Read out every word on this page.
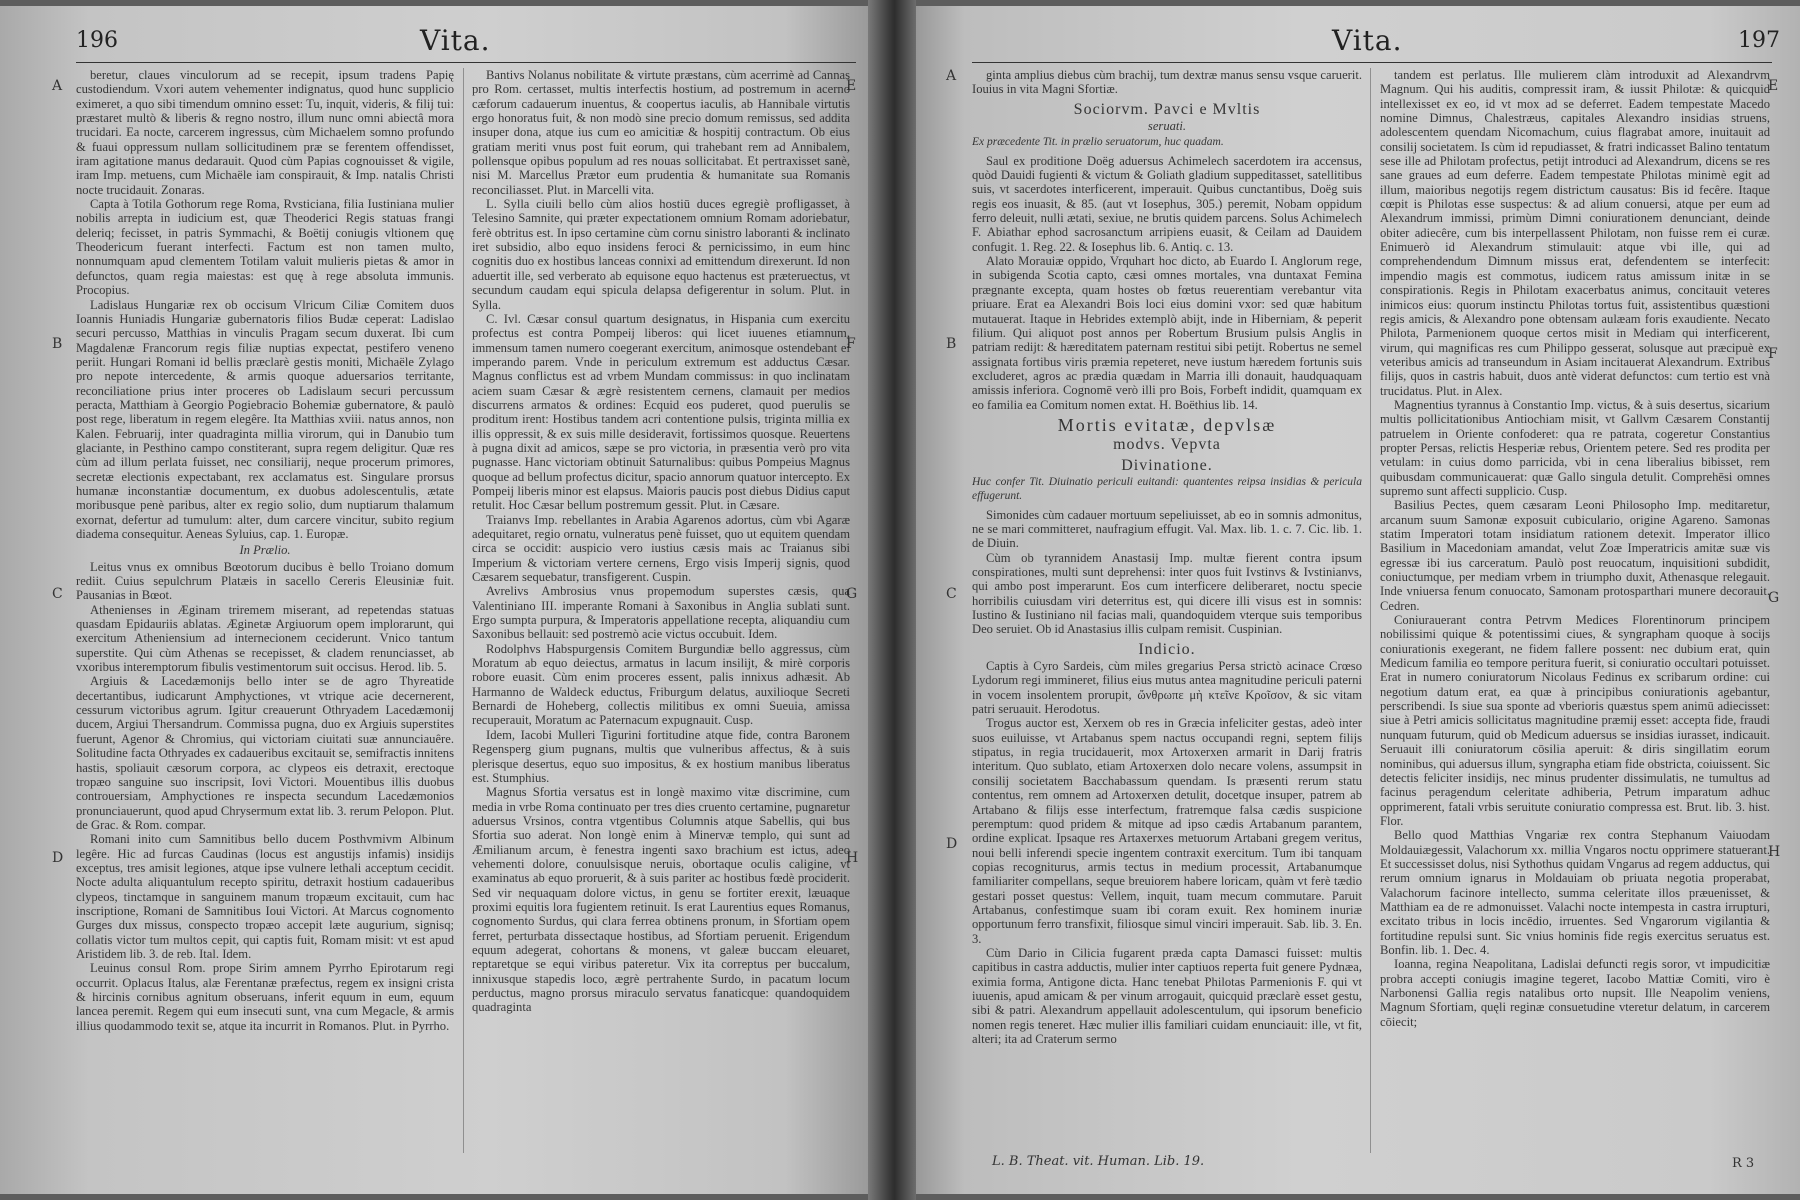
Vita.
196
A
B
C
D
E
F
G
H

beretur, claues vinculorum ad se recepit, ipsum tradens Papię custodiendum. Vxori autem vehementer indignatus, quod hunc supplicio eximeret, a quo sibi timendum omnino esset: Tu, inquit, videris, & filij tui: præstaret multò & liberis & regno nostro, illum nunc omni abiectâ mora trucidari. Ea nocte, carcerem ingressus, cùm Michaelem somno profundo & fuaui oppressum nullam sollicitudinem præ se ferentem offendisset, iram agitatione manus dedarauit. Quod cùm Papias cognouisset & vigile, iram Imp. metuens, cum Michaële iam conspirauit, & Imp. natalis Christi nocte trucidauit. Zonaras.

Capta à Totila Gothorum rege Roma, Rvsticiana, filia Iustiniana mulier nobilis arrepta in iudicium est, quæ Theoderici Regis statuas frangi deleriq; fecisset, in patris Symmachi, & Boëtij coniugis vltionem quę Theodericum fuerant interfecti. Factum est non tamen multo, nonnumquam apud clementem Totilam valuit mulieris pietas & amor in defunctos, quam regia maiestas: est quę à rege absoluta immunis. Procopius.

Ladislaus Hungariæ rex ob occisum Vlricum Ciliæ Comitem duos Ioannis Huniadis Hungariæ gubernatoris filios Budæ ceperat: Ladislao securi percusso, Matthias in vinculis Pragam secum duxerat. Ibi cum Magdalenæ Francorum regis filiæ nuptias expectat, pestifero veneno periit. Hungari Romani id bellis præclarè gestis moniti, Michaële Zylago pro nepote intercedente, & armis quoque aduersarios territante, reconciliatione prius inter proceres ob Ladislaum securi percussum peracta, Matthiam à Georgio Pogiebracio Bohemiæ gubernatore, & paulò post rege, liberatum in regem elegêre. Ita Matthias xviii. natus annos, non Kalen. Februarij, inter quadraginta millia virorum, qui in Danubio tum glaciante, in Pesthino campo constiterant, supra regem deligitur. Quæ res cùm ad illum perlata fuisset, nec consiliarij, neque procerum primores, secretæ electionis expectabant, rex acclamatus est. Singulare prorsus humanæ inconstantiæ documentum, ex duobus adolescentulis, ætate moribusque penè paribus, alter ex regio solio, dum nuptiarum thalamum exornat, defertur ad tumulum: alter, dum carcere vincitur, subito regium diadema consequitur. Aeneas Syluius, cap. 1. Europæ.

In Prælio.

Leitus vnus ex omnibus Bœotorum ducibus è bello Troiano domum rediit. Cuius sepulchrum Platæis in sacello Cereris Eleusiniæ fuit. Pausanias in Bœot.

Athenienses in Æginam triremem miserant, ad repetendas statuas quasdam Epidauriis ablatas. Æginetæ Argiuorum opem implorarunt, qui exercitum Atheniensium ad internecionem ceciderunt. Vnico tantum superstite. Qui cùm Athenas se recepisset, & cladem renunciasset, ab vxoribus interemptorum fibulis vestimentorum suit occisus. Herod. lib. 5.

Argiuis & Lacedæmonijs bello inter se de agro Thyreatide decertantibus, iudicarunt Amphyctiones, vt vtrique acie decernerent, cessurum victoribus agrum. Igitur creauerunt Othryadem Lacedæmonij ducem, Argiui Thersandrum. Commissa pugna, duo ex Argiuis superstites fuerunt, Agenor & Chromius, qui victoriam ciuitati suæ annunciauêre. Solitudine facta Othryades ex cadaueribus excitauit se, semifractis innitens hastis, spoliauit cæsorum corpora, ac clypeos eis detraxit, erectoque tropæo sanguine suo inscripsit, Iovi Victori. Mouentibus illis duobus controuersiam, Amphyctiones re inspecta secundum Lacedæmonios pronunciauerunt, quod apud Chrysermum extat lib. 3. rerum Pelopon. Plut. de Grac. & Rom. compar.

Romani inito cum Samnitibus bello ducem Posthvmivm Albinum legêre. Hic ad furcas Caudinas (locus est angustijs infamis) insidijs exceptus, tres amisit legiones, atque ipse vulnere lethali acceptum cecidit. Nocte adulta aliquantulum recepto spiritu, detraxit hostium cadaueribus clypeos, tinctamque in sanguinem manum tropæum excitauit, cum hac inscriptione, Romani de Samnitibus Ioui Victori. At Marcus cognomento Gurges dux missus, conspecto tropæo accepit læte augurium, signisq; collatis victor tum multos cepit, qui captis fuit, Romam misit: vt est apud Aristidem lib. 3. de reb. Ital. Idem.

Leuinus consul Rom. prope Sirim amnem Pyrrho Epirotarum regi occurrit. Oplacus Italus, alæ Ferentanæ præfectus, regem ex insigni crista & hircinis cornibus agnitum obseruans, inferit equum in eum, equum lancea peremit. Regem qui eum insecuti sunt, vna cum Megacle, & armis illius quodammodo texit se, atque ita incurrit in Romanos. Plut. in Pyrrho.

Bantivs Nolanus nobilitate & virtute præstans, cùm acerrimè ad Cannas pro Rom. certasset, multis interfectis hostium, ad postremum in acerno cæforum cadauerum inuentus, & coopertus iaculis, ab Hannibale virtutis ergo honoratus fuit, & non modò sine precio domum remissus, sed addita insuper dona, atque ius cum eo amicitiæ & hospitij contractum. Ob eius gratiam meriti vnus post fuit eorum, qui trahebant rem ad Annibalem, pollensque opibus populum ad res nouas sollicitabat. Et pertraxisset sanè, nisi M. Marcellus Prætor eum prudentia & humanitate sua Romanis reconciliasset. Plut. in Marcelli vita.

L. Sylla ciuili bello cùm alios hostiū duces egregiè profligasset, à Telesino Samnite, qui præter expectationem omnium Romam adoriebatur, ferè obtritus est. In ipso certamine cùm cornu sinistro laboranti & inclinato iret subsidio, albo equo insidens feroci & pernicissimo, in eum hinc cognitis duo ex hostibus lanceas connixi ad emittendum direxerunt. Id non aduertit ille, sed verberato ab equisone equo hactenus est præteruectus, vt secundum caudam equi spicula delapsa defigerentur in solum. Plut. in Sylla.

C. Ivl. Cæsar consul quartum designatus, in Hispania cum exercitu profectus est contra Pompeij liberos: qui licet iuuenes etiamnum, immensum tamen numero coegerant exercitum, animosque ostendebant ei imperando parem. Vnde in periculum extremum est adductus Cæsar. Magnus conflictus est ad vrbem Mundam commissus: in quo inclinatam aciem suam Cæsar & ægrè resistentem cernens, clamauit per medios discurrens armatos & ordines: Ecquid eos puderet, quod puerulis se proditum irent: Hostibus tandem acri contentione pulsis, triginta millia ex illis oppressit, & ex suis mille desideravit, fortissimos quosque. Reuertens à pugna dixit ad amicos, sæpe se pro victoria, in præsentia verò pro vita pugnasse. Hanc victoriam obtinuit Saturnalibus: quibus Pompeius Magnus quoque ad bellum profectus dicitur, spacio annorum quatuor intercepto. Ex Pompeij liberis minor est elapsus. Maioris paucis post diebus Didius caput retulit. Hoc Cæsar bellum postremum gessit. Plut. in Cæsare.

Traianvs Imp. rebellantes in Arabia Agarenos adortus, cùm vbi Agaræ adequitaret, regio ornatu, vulneratus penè fuisset, quo ut equitem quendam circa se occidit: auspicio vero iustius cæsis mais ac Traianus sibi Imperium & victoriam vertere cernens, Ergo visis Imperij signis, quod Cæsarem sequebatur, transfigerent. Cuspin.

Avrelivs Ambrosius vnus propemodum superstes cæsis, qua Valentiniano III. imperante Romani à Saxonibus in Anglia sublati sunt. Ergo sumpta purpura, & Imperatoris appellatione recepta, aliquandiu cum Saxonibus bellauit: sed postremò acie victus occubuit. Idem.

Rodolphvs Habspurgensis Comitem Burgundiæ bello aggressus, cùm Moratum ab equo deiectus, armatus in lacum insilijt, & mirè corporis robore euasit. Cùm enim proceres essent, palis innixus adhæsit. Ab Harmanno de Waldeck eductus, Friburgum delatus, auxilioque Secreti Bernardi de Hoheberg, collectis militibus ex omni Sueuia, amissa recuperauit, Moratum ac Paternacum expugnauit. Cusp.

Idem, Iacobi Mulleri Tigurini fortitudine atque fide, contra Baronem Regensperg gium pugnans, multis que vulneribus affectus, & à suis plerisque desertus, equo suo impositus, & ex hostium manibus liberatus est. Stumphius.

Magnus Sfortia versatus est in longè maximo vitæ discrimine, cum media in vrbe Roma continuato per tres dies cruento certamine, pugnaretur aduersus Vrsinos, contra vtgentibus Columnis atque Sabellis, qui bus Sfortia suo aderat. Non longè enim à Minervæ templo, qui sunt ad Æmilianum arcum, è fenestra ingenti saxo brachium est ictus, adeo vehementi dolore, conuulsisque neruis, obortaque oculis caligine, vt examinatus ab equo proruerit, & à suis pariter ac hostibus fœdè prociderit. Sed vir nequaquam dolore victus, in genu se fortiter erexit, læuaque proximi equitis lora fugientem retinuit. Is erat Laurentius eques Romanus, cognomento Surdus, qui clara ferrea obtinens pronum, in Sfortiam opem ferret, perturbata dissectaque hostibus, ad Sfortiam peruenit. Erigendum equum adegerat, cohortans & monens, vt galeæ buccam eleuaret, reptaretque se equi viribus pateretur. Vix ita correptus per buccalum, innixusque stapedis loco, ægrè pertrahente Surdo, in pacatum locum perductus, magno prorsus miraculo servatus fanaticque: quandoquidem quadraginta

Vita.	197
A
B
C
D
E
F
G
H

ginta amplius diebus cùm brachij, tum dextræ manus sensu vsque caruerit. Iouius in vita Magni Sfortiæ.

Sociorvm. Pavci e Mvltis

seruati.

Ex præcedente Tit. in prælio seruatorum, huc quadam.

Saul ex proditione Doëg aduersus Achimelech sacerdotem ira accensus, quòd Dauidi fugienti & victum & Goliath gladium suppeditasset, satellitibus suis, vt sacerdotes interficerent, imperauit. Quibus cunctantibus, Doëg suis regis eos inuasit, & 85. (aut vt Iosephus, 305.) peremit, Nobam oppidum ferro deleuit, nulli ætati, sexiue, ne brutis quidem parcens. Solus Achimelech F. Abiathar ephod sacrosanctum arripiens euasit, & Ceilam ad Dauidem confugit. 1. Reg. 22. & Iosephus lib. 6. Antiq. c. 13.

Alato Morauiæ oppido, Vrquhart hoc dicto, ab Euardo I. Anglorum rege, in subigenda Scotia capto, cæsi omnes mortales, vna duntaxat Femina prægnante excepta, quam hostes ob fœtus reuerentiam verebantur vita priuare. Erat ea Alexandri Bois loci eius domini vxor: sed quæ habitum mutauerat. Itaque in Hebrides extemplò abijt, inde in Hiberniam, & peperit filium. Qui aliquot post annos per Robertum Brusium pulsis Anglis in patriam redijt: & hæreditatem paternam restitui sibi petijt. Robertus ne semel assignata fortibus viris præmia repeteret, neve iustum hæredem fortunis suis excluderet, agros ac prædia quædam in Marria illi donauit, haudquaquam amissis inferiora. Cognomē verò illi pro Bois, Forbeft indidit, quamquam ex eo familia ea Comitum nomen extat. H. Boëthius lib. 14.

Mortis evitatæ, depvlsæ

modvs. Vepvta

Divinatione.

Huc confer Tit. Diuinatio periculi euitandi: quantentes reipsa insidias & pericula effugerunt.

Simonides cùm cadauer mortuum sepeliuisset, ab eo in somnis admonitus, ne se mari committeret, naufragium effugit. Val. Max. lib. 1. c. 7. Cic. lib. 1. de Diuin.

Cùm ob tyrannidem Anastasij Imp. multæ fierent contra ipsum conspirationes, multi sunt deprehensi: inter quos fuit Ivstinvs & Ivstinianvs, qui ambo post imperarunt. Eos cum interficere deliberaret, noctu specie horribilis cuiusdam viri deterritus est, qui dicere illi visus est in somnis: Iustino & Iustiniano nil facias mali, quandoquidem vterque suis temporibus Deo seruiet. Ob id Anastasius illis culpam remisit. Cuspinian.

Indicio.

Captis à Cyro Sardeis, cùm miles gregarius Persa strictò acinace Crœso Lydorum regi immineret, filius eius mutus antea magnitudine periculi paterni in vocem insolentem prorupit, ὤνθρωπε μὴ κτεῖνε Κροῖσον, & sic vitam patri seruauit. Herodotus.

Trogus auctor est, Xerxem ob res in Græcia infeliciter gestas, adeò inter suos euiluisse, vt Artabanus spem nactus occupandi regni, septem filijs stipatus, in regia trucidauerit, mox Artoxerxen armarit in Darij fratris interitum. Quo sublato, etiam Artoxerxen dolo necare volens, assumpsit in consilij societatem Bacchabassum quendam. Is præsenti rerum statu contentus, rem omnem ad Artoxerxen detulit, docetque insuper, patrem ab Artabano & filijs esse interfectum, fratremque falsa cædis suspicione peremptum: quod pridem & mitque ad ipso cædis Artabanum parantem, ordine explicat. Ipsaque res Artaxerxes metuorum Artabani gregem veritus, noui belli inferendi specie ingentem contraxit exercitum. Tum ibi tanquam copias recogniturus, armis tectus in medium processit, Artabanumque familiariter compellans, seque breuiorem habere loricam, quàm vt ferè tædio gestari posset questus: Vellem, inquit, tuam mecum commutare. Paruit Artabanus, confestimque suam ibi coram exuit. Rex hominem inuriæ opportunum ferro transfixit, filiosque simul vinciri imperauit. Sab. lib. 3. En. 3.

Cùm Dario in Cilicia fugarent præda capta Damasci fuisset: multis capitibus in castra adductis, mulier inter captiuos reperta fuit genere Pydnæa, eximia forma, Antigone dicta. Hanc tenebat Philotas Parmenionis F. qui vt iuuenis, apud amicam & per vinum arrogauit, quicquid præclarè esset gestu, sibi & patri. Alexandrum appellauit adolescentulum, qui ipsorum beneficio nomen regis teneret. Hæc mulier illis familiari cuidam enunciauit: ille, vt fit, alteri; ita ad Craterum sermo

L. B. Theat. vit. Human. Lib. 19.

tandem est perlatus. Ille mulierem clàm introduxit ad Alexandrvm Magnum. Qui his auditis, compressit iram, & iussit Philotæ: & quicquid intellexisset ex eo, id vt mox ad se deferret. Eadem tempestate Macedo nomine Dimnus, Chalestræus, capitales Alexandro insidias struens, adolescentem quendam Nicomachum, cuius flagrabat amore, inuitauit ad consilij societatem. Is cùm id repudiasset, & fratri indicasset Balino tentatum sese ille ad Philotam profectus, petijt introduci ad Alexandrum, dicens se res sane graues ad eum deferre. Eadem tempestate Philotas minimè egit ad illum, maioribus negotijs regem districtum causatus: Bis id fecêre. Itaque cœpit is Philotas esse suspectus: & ad alium conuersi, atque per eum ad Alexandrum immissi, primùm Dimni coniurationem denunciant, deinde obiter adiecêre, cum bis interpellassent Philotam, non fuisse rem ei curæ. Enimuerò id Alexandrum stimulauit: atque vbi ille, qui ad comprehendendum Dimnum missus erat, defendentem se interfecit: impendio magis est commotus, iudicem ratus amissum initæ in se conspirationis. Regis in Philotam exacerbatus animus, concitauit veteres inimicos eius: quorum instinctu Philotas tortus fuit, assistentibus quæstioni regis amicis, & Alexandro pone obtensam aulæam foris exaudiente. Necato Philota, Parmenionem quoque certos misit in Mediam qui interficerent, virum, qui magnificas res cum Philippo gesserat, solusque aut præcipuè ex veteribus amicis ad transeundum in Asiam incitauerat Alexandrum. Extribus filijs, quos in castris habuit, duos antè viderat defunctos: cum tertio est vnà trucidatus. Plut. in Alex.

Magnentius tyrannus à Constantio Imp. victus, & à suis desertus, sicarium multis pollicitationibus Antiochiam misit, vt Gallvm Cæsarem Constantij patruelem in Oriente confoderet: qua re patrata, cogeretur Constantius propter Persas, relictis Hesperiæ rebus, Orientem petere. Sed res prodita per vetulam: in cuius domo parricida, vbi in cena liberalius bibisset, rem quibusdam communicauerat: quæ Gallo singula detulit. Comprehēsi omnes supremo sunt affecti supplicio. Cusp.

Basilius Pectes, quem cæsaram Leoni Philosopho Imp. meditaretur, arcanum suum Samonæ exposuit cubiculario, origine Agareno. Samonas statim Imperatori totam insidiatum rationem detexit. Imperator illico Basilium in Macedoniam amandat, velut Zoæ Imperatricis amitæ suæ vis egressæ ibi ius carceratum. Paulò post reuocatum, inquisitioni subdidit, coniuctumque, per mediam vrbem in triumpho duxit, Athenasque relegauit. Inde vniuersa fenum conuocato, Samonam protosparthari munere decorauit. Cedren.

Coniurauerant contra Petrvm Medices Florentinorum principem nobilissimi quique & potentissimi ciues, & syngrapham quoque à socijs coniurationis exegerant, ne fidem fallere possent: nec dubium erat, quin Medicum familia eo tempore peritura fuerit, si coniuratio occultari potuisset. Erat in numero coniuratorum Nicolaus Fedinus ex scribarum ordine: cui negotium datum erat, ea quæ à principibus coniurationis agebantur, perscribendi. Is siue sua sponte ad vberioris quæstus spem animū adiecisset: siue à Petri amicis sollicitatus magnitudine præmij esset: accepta fide, fraudi nunquam futurum, quid ob Medicum aduersus se insidias iurasset, indicauit. Seruauit illi coniuratorum cōsilia aperuit: & diris singillatim eorum nominibus, qui aduersus illum, syngrapha etiam fide obstricta, coiuissent. Sic detectis feliciter insidijs, nec minus prudenter dissimulatis, ne tumultus ad facinus peragendum celeritate adhiberia, Petrum imparatum adhuc opprimerent, fatali vrbis seruitute coniuratio compressa est. Brut. lib. 3. hist. Flor.

Bello quod Matthias Vngariæ rex contra Stephanum Vaiuodam Moldauiægessit, Valachorum xx. millia Vngaros noctu opprimere statuerant. Et successisset dolus, nisi Sythothus quidam Vngarus ad regem adductus, qui rerum omnium ignarus in Moldauiam ob priuata negotia properabat, Valachorum facinore intellecto, summa celeritate illos præuenisset, & Matthiam ea de re admonuisset. Valachi nocte intempesta in castra irrupturi, excitato tribus in locis incēdio, irruentes. Sed Vngarorum vigilantia & fortitudine repulsi sunt. Sic vnius hominis fide regis exercitus seruatus est. Bonfin. lib. 1. Dec. 4.

Ioanna, regina Neapolitana, Ladislai defuncti regis soror, vt impudicitiæ probra accepti coniugis imagine tegeret, Iacobo Mattiæ Comiti, viro è Narbonensi Gallia regis natalibus orto nupsit. Ille Neapolim veniens, Magnum Sfortiam, quęli reginæ consuetudine vteretur delatum, in carcerem cōiecit;

R 3
